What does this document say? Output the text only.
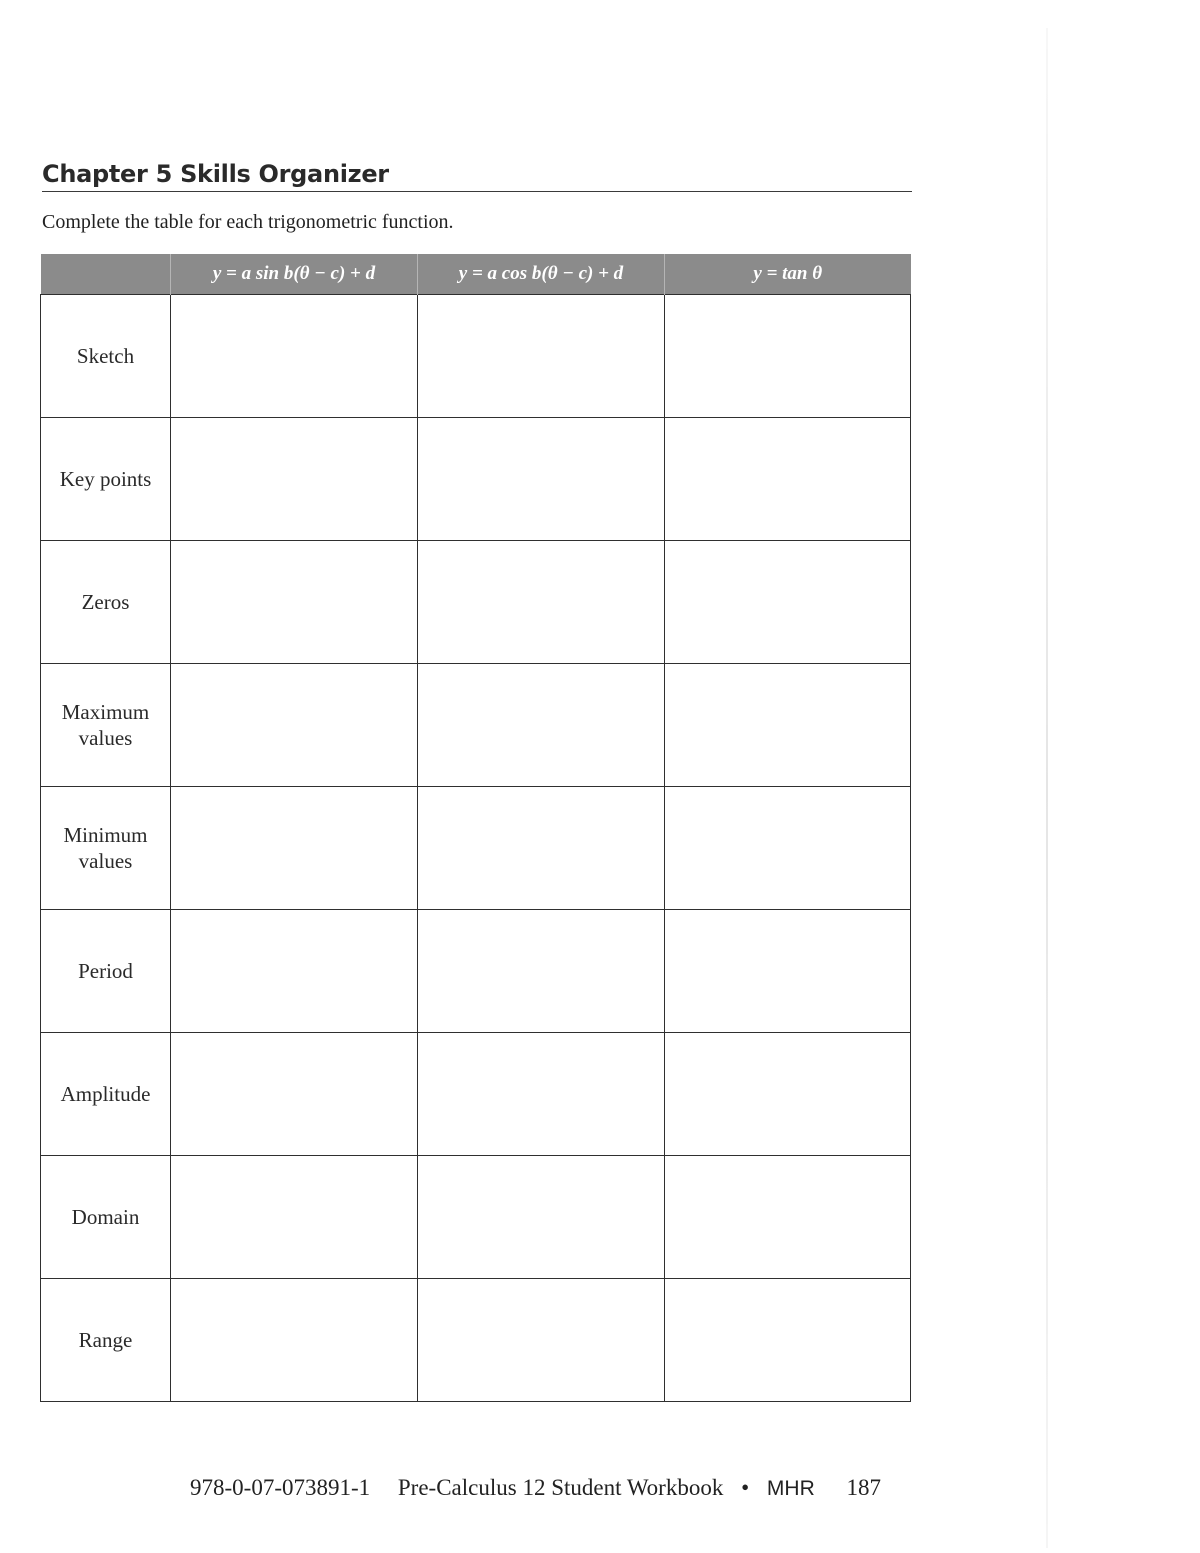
Chapter 5 Skills Organizer
Complete the table for each trigonometric function.
	y = a sin b(θ − c) + d	y = a cos b(θ − c) + d	y = tan θ
Sketch			
Key points			
Zeros			
Maximum values			
Minimum values			
Period			
Amplitude			
Domain			
Range			
978-0-07-073891-1 Pre-Calculus 12 Student Workbook • MHR 187
